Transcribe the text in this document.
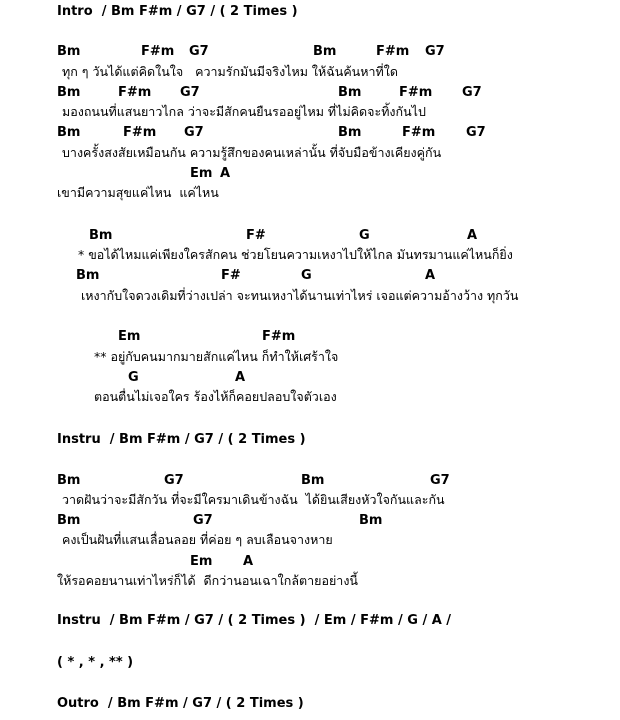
Intro  / Bm F#m / G7 / ( 2 Times )

Bm

	F#m

G7

	Bm

	F#m

G7

ทุก ๆ วันได้แต่คิดในใจ   ความรักมันมีจริงไหม ให้ฉันค้นหาที่ใด

Bm

	F#m

G7

	Bm

	F#m

G7

มองถนนที่แสนยาวไกล ว่าจะมีสักคนยืนรออยู่ไหม ที่ไม่คิดจะทิ้งกันไป

Bm

	F#m

G7

	Bm

	F#m

G7

บางครั้งสงสัยเหมือนกัน ความรู้สึกของคนเหล่านั้น ที่จับมือข้างเคียงคู่กัน

Em

A

เขามีความสุขแค่ไหน  แค่ไหน

Bm

	F#

	G

	A

* ขอได้ไหมแค่เพียงใครสักคน ช่วยโยนความเหงาไปให้ไกล มันทรมานแค่ไหนก็ยิ่ง

Bm

	F#

	G

	A

เหงากับใจดวงเดิมที่ว่างเปล่า จะทนเหงาได้นานเท่าไหร่ เจอแต่ความอ้างว้าง ทุกวัน

Em

	F#m

** อยู่กับคนมากมายสักแค่ไหน ก็ทำให้เศร้าใจ

G

	A

ตอนตื่นไม่เจอใคร ร้องไห้ก็คอยปลอบใจตัวเอง
Instru  / Bm F#m / G7 / ( 2 Times )

Bm

	G7

	Bm

	G7

วาดฝันว่าจะมีสักวัน ที่จะมีใครมาเดินข้างฉัน  ได้ยินเสียงหัวใจกันและกัน

Bm

	G7

	Bm

คงเป็นฝันที่แสนเลื่อนลอย ที่ค่อย ๆ ลบเลือนจางหาย

Em

A

ให้รอคอยนานเท่าไหร่ก็ได้  ดีกว่านอนเฉาใกล้ตายอย่างนี้
Instru  / Bm F#m / G7 / ( 2 Times )  / Em / F#m / G / A /
( * , * , ** )
Outro  / Bm F#m / G7 / ( 2 Times )
